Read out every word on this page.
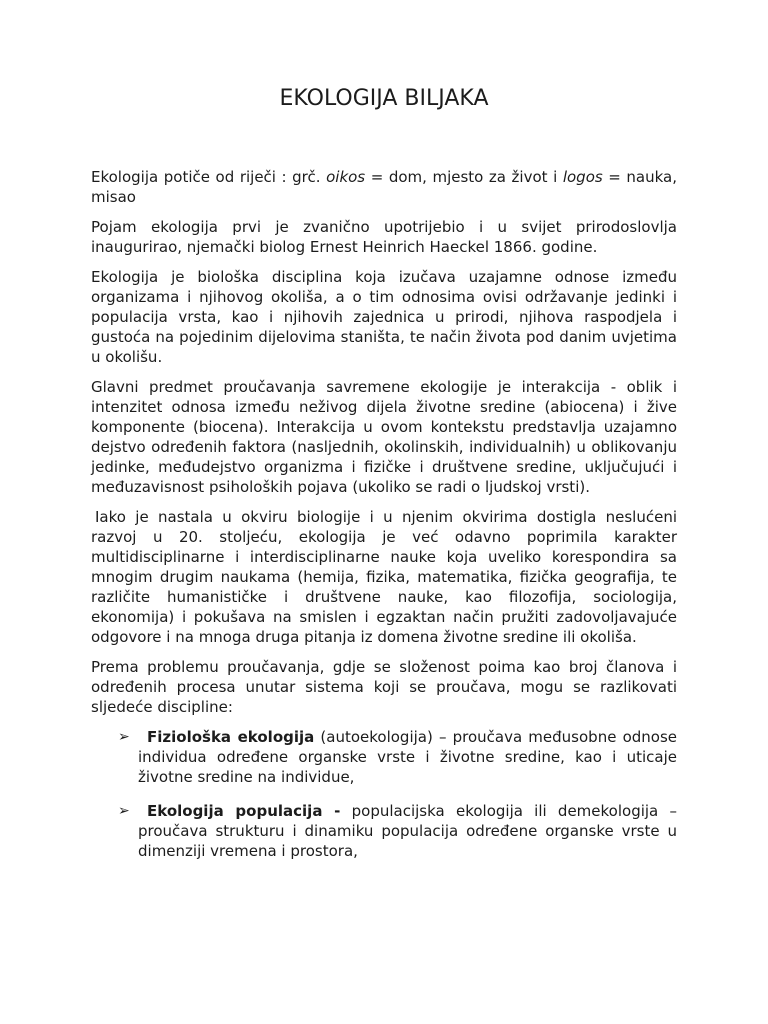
EKOLOGIJA BILJAKA

Ekologija potiče od riječi : grč. oikos = dom, mjesto za život i logos = nauka, misao

Pojam ekologija prvi je zvanično upotrijebio i u svijet prirodoslovlja inaugurirao, njemački biolog Ernest Heinrich Haeckel 1866. godine.

Ekologija je biološka disciplina koja izučava uzajamne odnose između organizama i njihovog okoliša, a o tim odnosima ovisi održavanje jedinki i populacija vrsta, kao i njihovih zajednica u prirodi, njihova raspodjela i gustoća na pojedinim dijelovima staništa, te način života pod danim uvjetima u okolišu.

Glavni predmet proučavanja savremene ekologije je interakcija - oblik i intenzitet odnosa između neživog dijela životne sredine (abiocena) i žive komponente (biocena). Interakcija u ovom kontekstu predstavlja uzajamno dejstvo određenih faktora (nasljednih, okolinskih, individualnih) u oblikovanju jedinke, međudejstvo organizma i fizičke i društvene sredine, uključujući i međuzavisnost psiholoških pojava (ukoliko se radi o ljudskoj vrsti).

Iako je nastala u okviru biologije i u njenim okvirima dostigla neslućeni razvoj u 20. stoljeću, ekologija je već odavno poprimila karakter multidisciplinarne i interdisciplinarne nauke koja uveliko korespondira sa mnogim drugim naukama (hemija, fizika, matematika, fizička geografija, te različite humanističke i društvene nauke, kao filozofija, sociologija, ekonomija) i pokušava na smislen i egzaktan način pružiti zadovoljavajuće odgovore i na mnoga druga pitanja iz domena životne sredine ili okoliša.

Prema problemu proučavanja, gdje se složenost poima kao broj članova i određenih procesa unutar sistema koji se proučava, mogu se razlikovati sljedeće discipline:

➢
Fiziološka ekologija (autoekologija) – proučava međusobne odnose individua određene organske vrste i životne sredine, kao i uticaje životne sredine na individue,
➢
Ekologija populacija - populacijska ekologija ili demekologija – proučava strukturu i dinamiku populacija određene organske vrste u dimenziji vremena i prostora,
